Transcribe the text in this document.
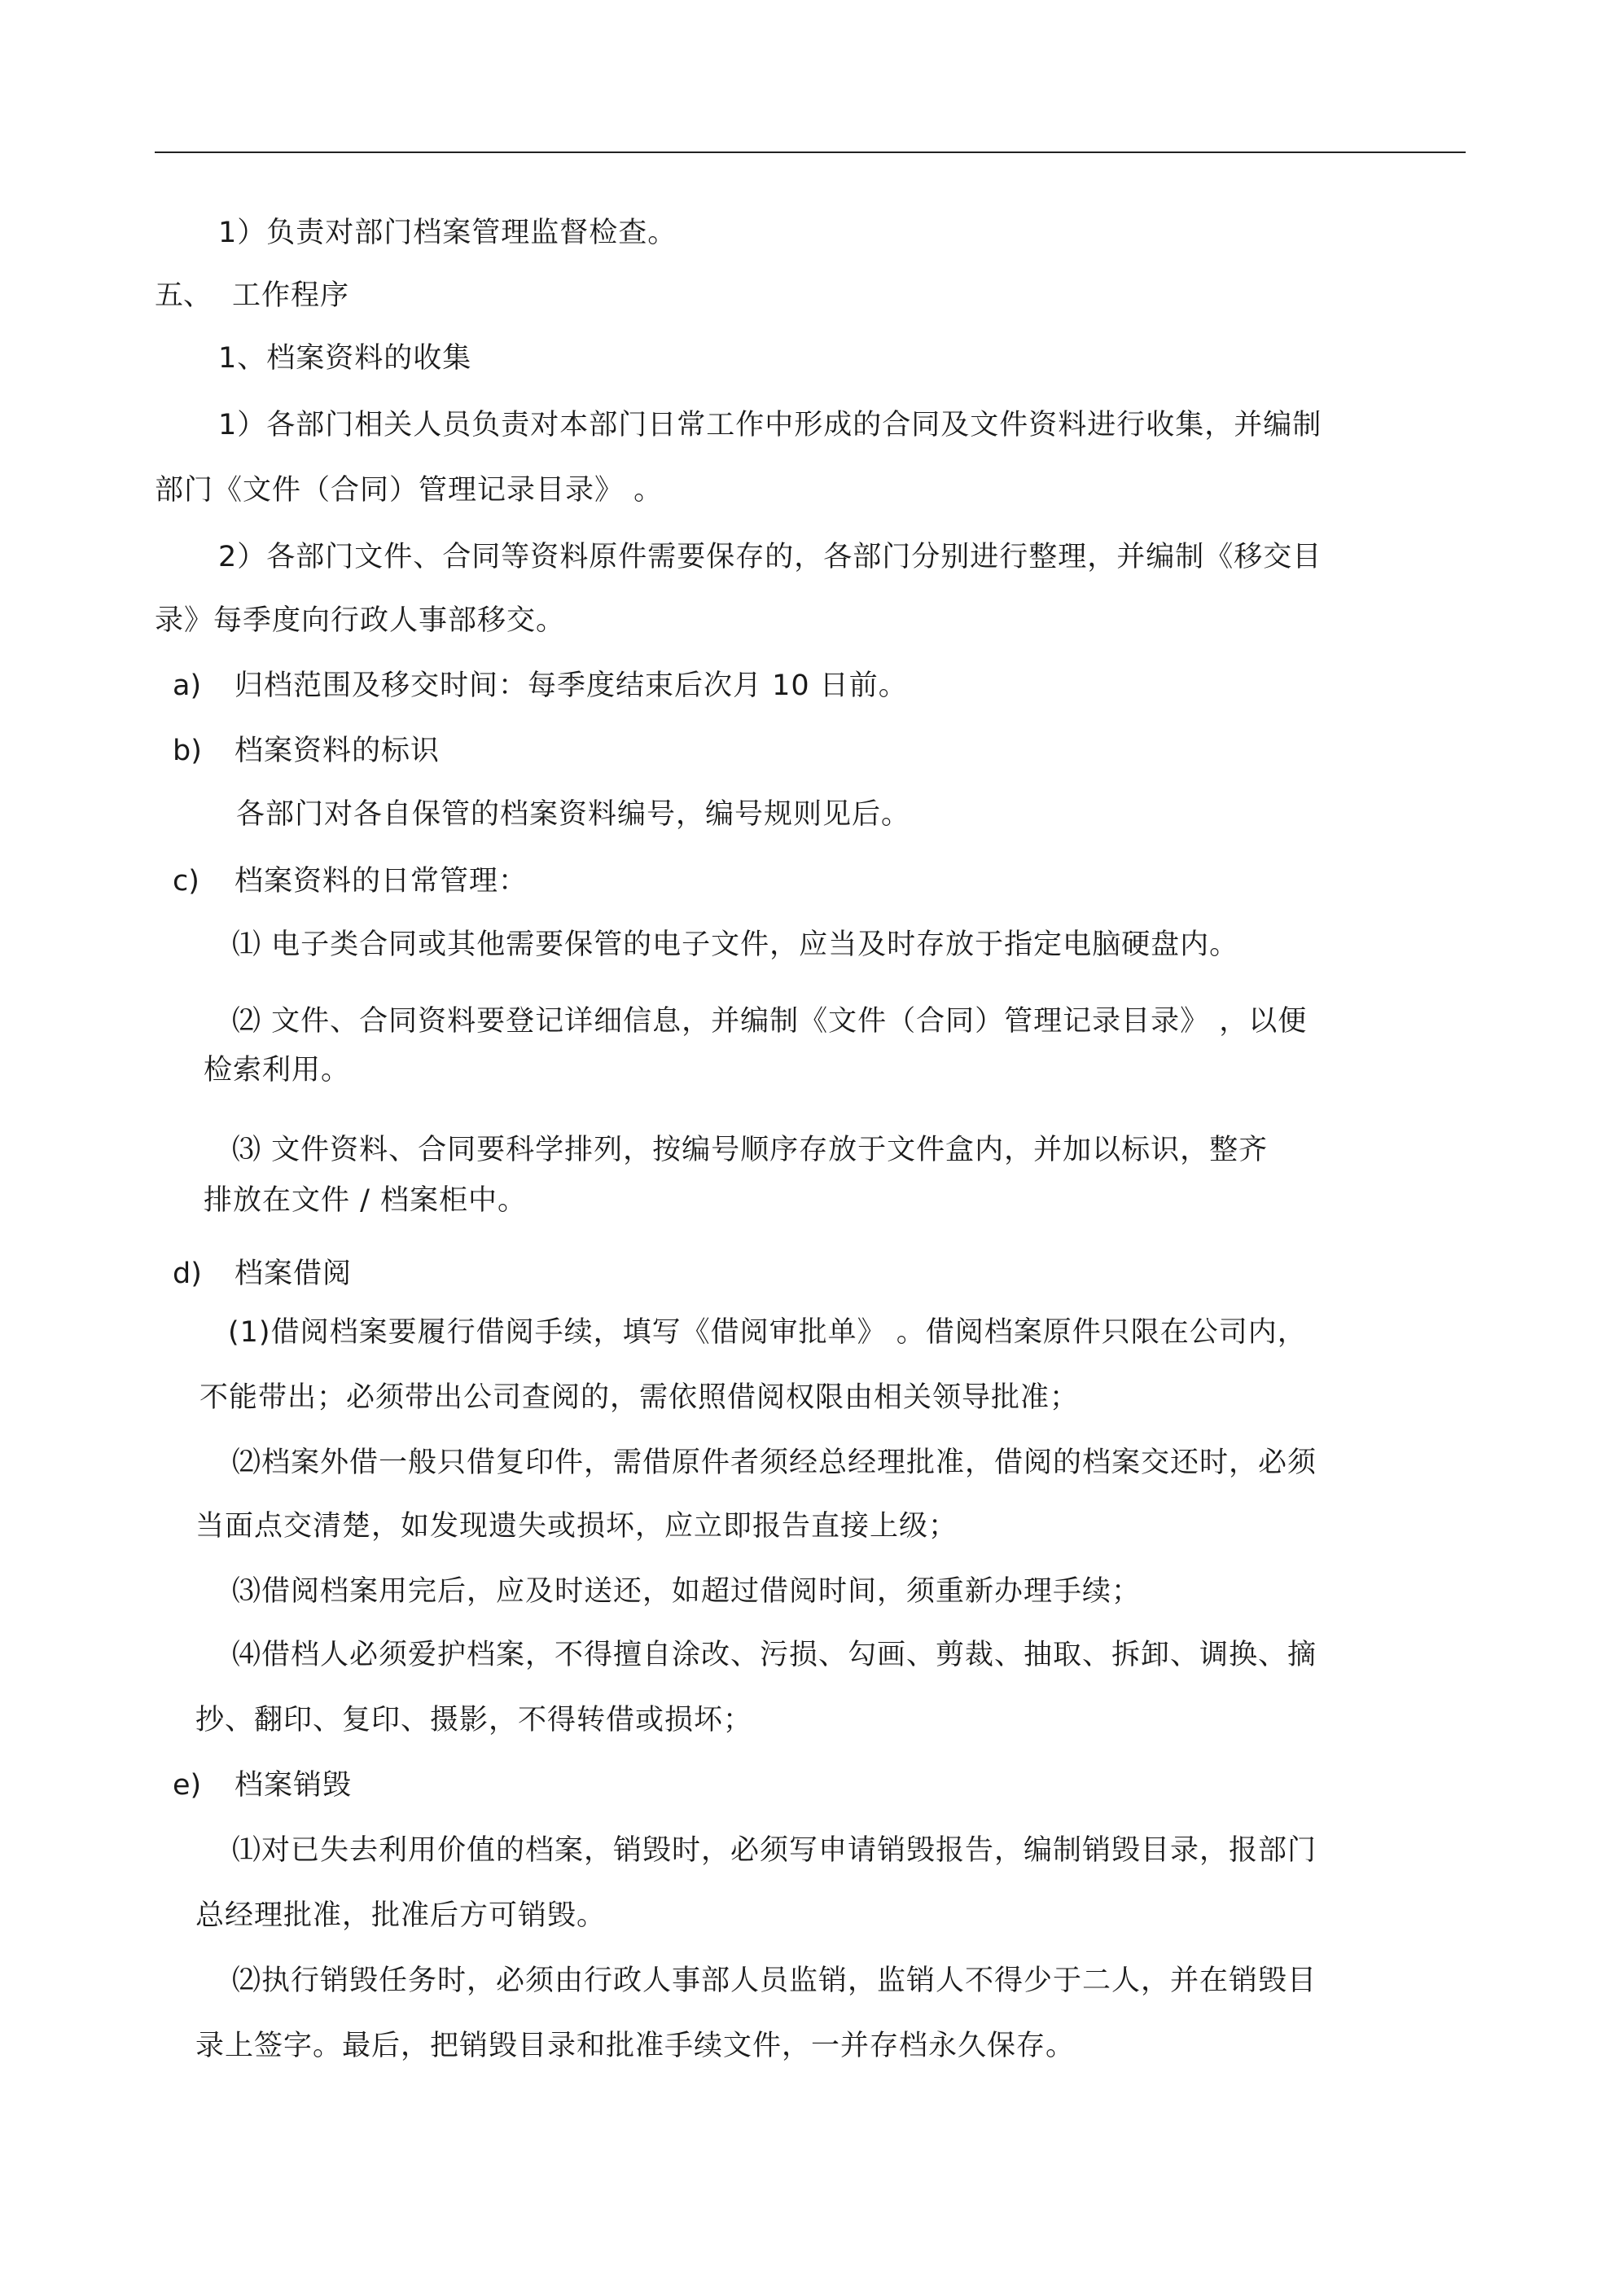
1）负责对部门档案管理监督检查。
五、 工作程序
1、档案资料的收集
1）各部门相关人员负责对本部门日常工作中形成的合同及文件资料进行收集，并编制
部门《文件（合同）管理记录目录》 。
2）各部门文件、合同等资料原件需要保存的，各部门分别进行整理，并编制《移交目
录》每季度向行政人事部移交。
a) 归档范围及移交时间：每季度结束后次月 10 日前。
b) 档案资料的标识
各部门对各自保管的档案资料编号，编号规则见后。
c) 档案资料的日常管理：
⑴ 电子类合同或其他需要保管的电子文件，应当及时存放于指定电脑硬盘内。
⑵ 文件、合同资料要登记详细信息，并编制《文件（合同）管理记录目录》 ，以便
检索利用。
⑶ 文件资料、合同要科学排列，按编号顺序存放于文件盒内，并加以标识，整齐
排放在文件 / 档案柜中。
d) 档案借阅
(1)借阅档案要履行借阅手续，填写《借阅审批单》 。借阅档案原件只限在公司内，
不能带出；必须带出公司查阅的，需依照借阅权限由相关领导批准；
⑵档案外借一般只借复印件，需借原件者须经总经理批准，借阅的档案交还时，必须
当面点交清楚，如发现遗失或损坏，应立即报告直接上级；
⑶借阅档案用完后，应及时送还，如超过借阅时间，须重新办理手续；
⑷借档人必须爱护档案，不得擅自涂改、污损、勾画、剪裁、抽取、拆卸、调换、摘
抄、翻印、复印、摄影，不得转借或损坏；
e) 档案销毁
⑴对已失去利用价值的档案，销毁时，必须写申请销毁报告，编制销毁目录，报部门
总经理批准，批准后方可销毁。
⑵执行销毁任务时，必须由行政人事部人员监销，监销人不得少于二人，并在销毁目
录上签字。最后，把销毁目录和批准手续文件，一并存档永久保存。
